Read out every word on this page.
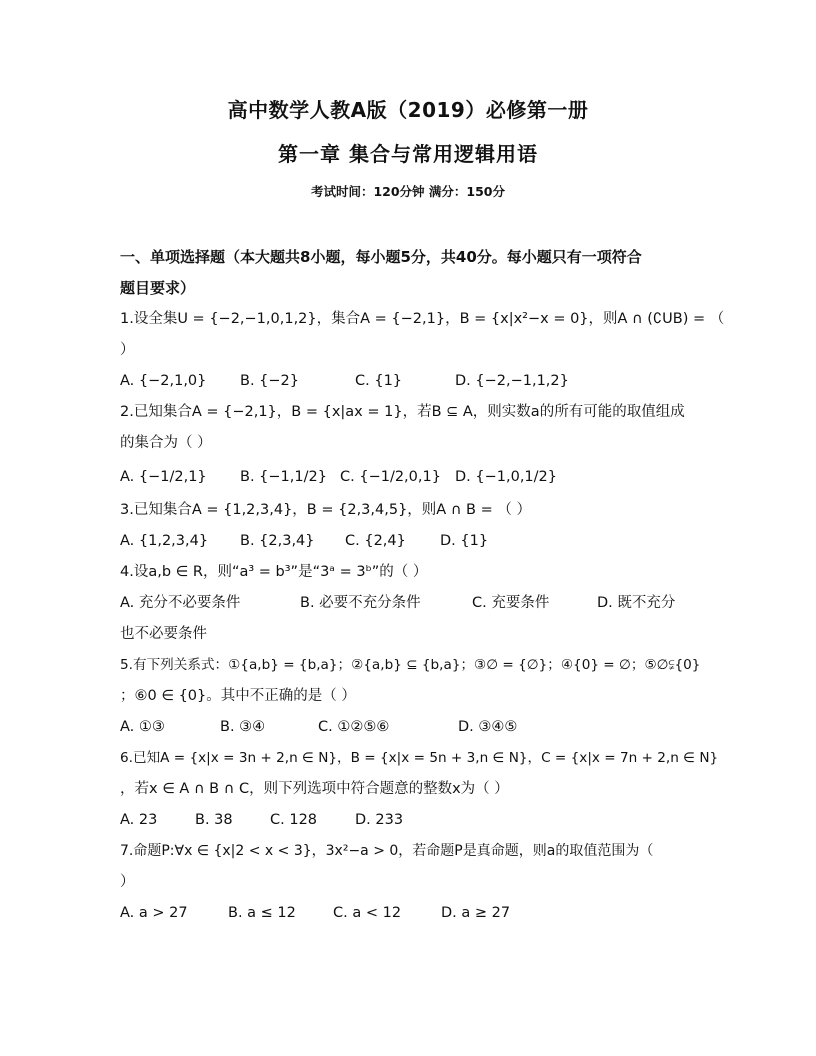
高中数学人教A版（2019）必修第一册
第一章 集合与常用逻辑用语
考试时间：120分钟 满分：150分
一、单项选择题（本大题共8小题，每小题5分，共40分。每小题只有一项符合
题目要求）
1.设全集U = {−2,−1,0,1,2}，集合A = {−2,1}，B = {x|x²−x = 0}，则A ∩ (∁UB) = （
）
A. {−2,1,0} B. {−2}	C. {1}	D. {−2,−1,1,2}
2.已知集合A = {−2,1}，B = {x|ax = 1}，若B ⊆ A，则实数a的所有可能的取值组成
的集合为（ ）
A. {−1/2,1} B. {−1,1/2} C. {−1/2,0,1} D. {−1,0,1/2}
3.已知集合A = {1,2,3,4}，B = {2,3,4,5}，则A ∩ B = （ ）
A. {1,2,3,4} B. {2,3,4} C. {2,4} D. {1}
4.设a,b ∈ R，则“a³ = b³”是“3ᵃ = 3ᵇ”的（ ）
A. 充分不必要条件	B. 必要不充分条件	C. 充要条件	D. 既不充分
也不必要条件
5.有下列关系式：①{a,b} = {b,a}；②{a,b} ⊆ {b,a}；③∅ = {∅}；④{0} = ∅；⑤∅⫋{0}
；⑥0 ∈ {0}。其中不正确的是（ ）
A. ①③	B. ③④	C. ①②⑤⑥	D. ③④⑤
6.已知A = {x|x = 3n + 2,n ∈ N}，B = {x|x = 5n + 3,n ∈ N}，C = {x|x = 7n + 2,n ∈ N}
，若x ∈ A ∩ B ∩ C，则下列选项中符合题意的整数x为（ ）
A. 23	B. 38	C. 128	D. 233
7.命题P:∀x ∈ {x|2 < x < 3}，3x²−a > 0，若命题P是真命题，则a的取值范围为（
）
A. a > 27	B. a ≤ 12	C. a < 12	D. a ≥ 27
